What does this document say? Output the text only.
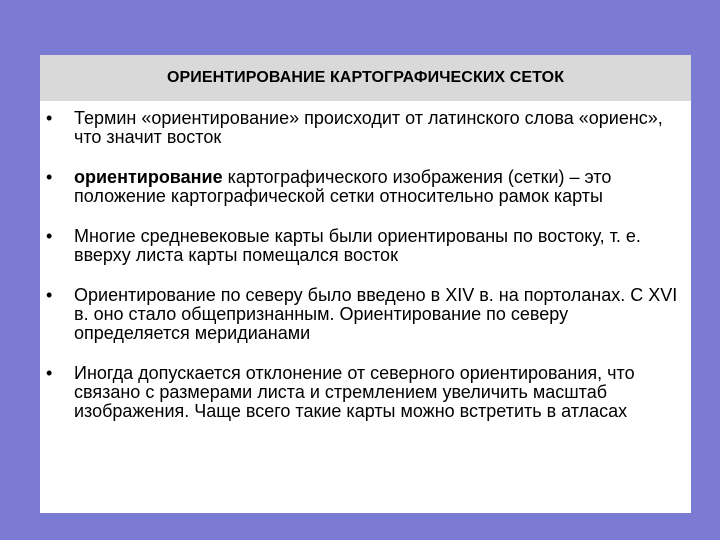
ОРИЕНТИРОВАНИЕ КАРТОГРАФИЧЕСКИХ СЕТОК
• Термин «ориентирование» происходит от латинского слова «ориенс», что значит восток
• ориентирование картографического изображения (сетки) – это положение картографической сетки относительно рамок карты
• Многие средневековые карты были ориентированы по востоку, т. е. вверху листа карты помещался восток
• Ориентирование по северу было введено в XIV в. на портоланах. С XVI в. оно стало общепризнанным. Ориентирование по северу определяется меридианами
• Иногда допускается отклонение от северного ориентирования, что связано с размерами листа и стремлением увеличить масштаб изображения. Чаще всего такие карты можно встретить в атласах
